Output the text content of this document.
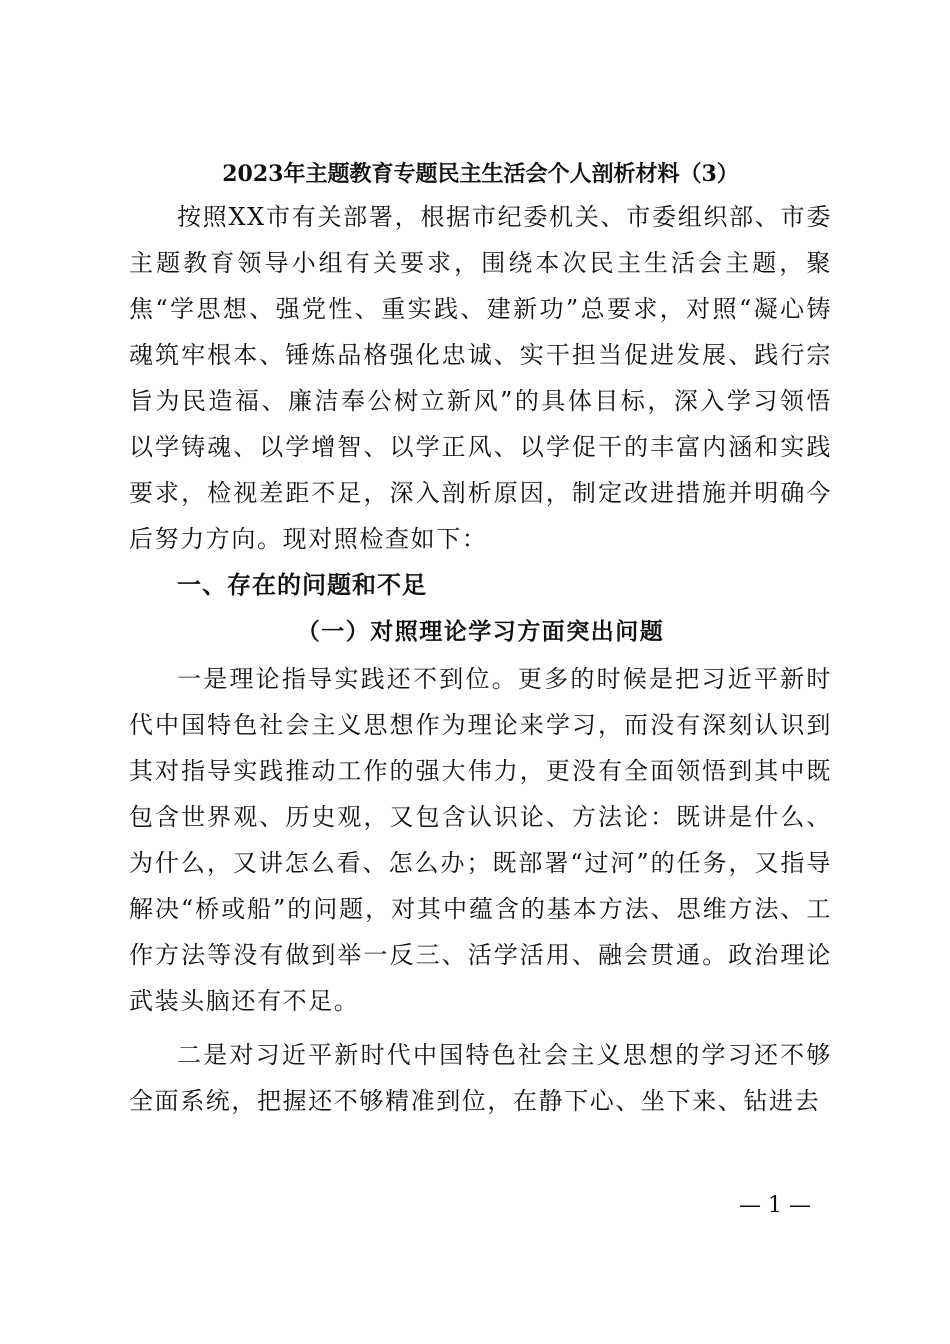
2023年主题教育专题民主生活会个人剖析材料（3）

按照XX市有关部署，根据市纪委机关、市委组织部、市委主题教育领导小组有关要求，围绕本次民主生活会主题，聚焦“学思想、强党性、重实践、建新功”总要求，对照“凝心铸魂筑牢根本、锤炼品格强化忠诚、实干担当促进发展、践行宗旨为民造福、廉洁奉公树立新风”的具体目标，深入学习领悟以学铸魂、以学增智、以学正风、以学促干的丰富内涵和实践要求，检视差距不足，深入剖析原因，制定改进措施并明确今后努力方向。现对照检查如下：

一、存在的问题和不足
（一）对照理论学习方面突出问题

一是理论指导实践还不到位。更多的时候是把习近平新时代中国特色社会主义思想作为理论来学习，而没有深刻认识到其对指导实践推动工作的强大伟力，更没有全面领悟到其中既包含世界观、历史观，又包含认识论、方法论：既讲是什么、为什么，又讲怎么看、怎么办；既部署“过河”的任务，又指导解决“桥或船”的问题，对其中蕴含的基本方法、思维方法、工作方法等没有做到举一反三、活学活用、融会贯通。政治理论武装头脑还有不足。

二是对习近平新时代中国特色社会主义思想的学习还不够全面系统，把握还不够精准到位，在静下心、坐下来、钻进去

— 1 —
